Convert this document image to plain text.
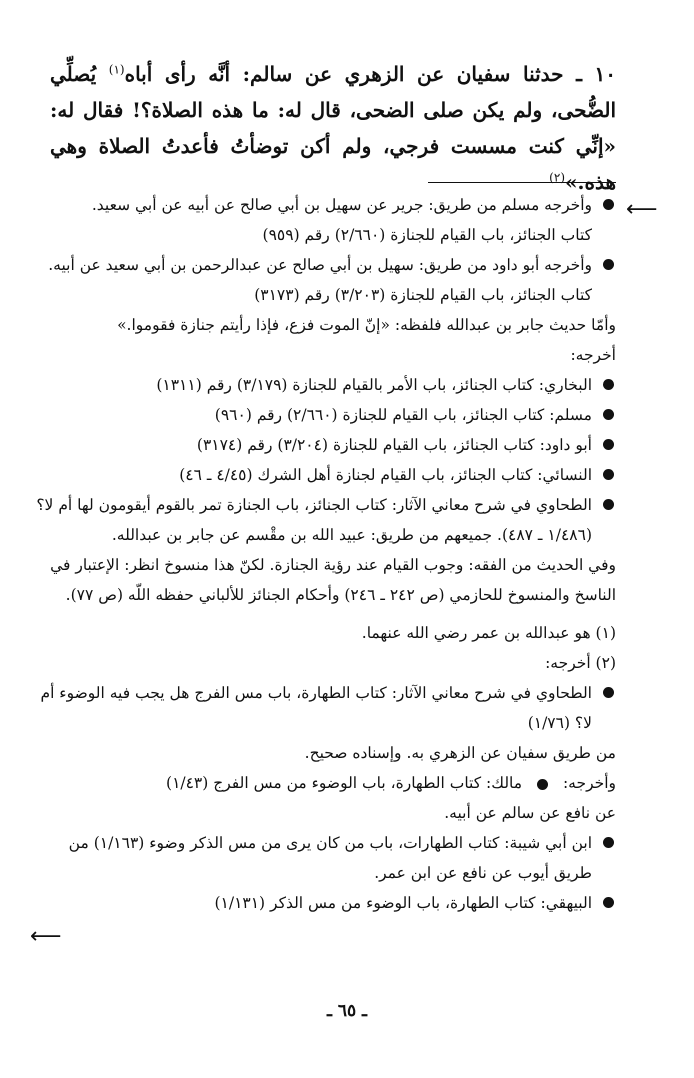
١٠ ـ حدثنا سفيان عن الزهري عن سالم: أنَّه رأى أباه$^{(١)}$ يُصلِّي الضُّحى، ولم يكن صلى الضحى، قال له: ما هذه الصلاة؟! فقال له: «إنِّي كنت مسست فرجي، ولم أكن توضأتُ فأعدتُ الصلاة وهي هذه.»$^{(٢)}$
⟵
⟵
وأخرجه مسلم من طريق: جرير عن سهيل بن أبي صالح عن أبيه عن أبي سعيد.
كتاب الجنائز، باب القيام للجنازة (٢/٦٦٠) رقم (٩٥٩)
وأخرجه أبو داود من طريق: سهيل بن أبي صالح عن عبدالرحمن بن أبي سعيد عن أبيه.
كتاب الجنائز، باب القيام للجنازة (٣/٢٠٣) رقم (٣١٧٣)
وأمّا حديث جابر بن عبدالله فلفظه: «إنّ الموت فزع، فإذا رأيتم جنازة فقوموا.»
أخرجه:
البخاري: كتاب الجنائز، باب الأمر بالقيام للجنازة (٣/١٧٩) رقم (١٣١١)
مسلم: كتاب الجنائز، باب القيام للجنازة (٢/٦٦٠) رقم (٩٦٠)
أبو داود: كتاب الجنائز، باب القيام للجنازة (٣/٢٠٤) رقم (٣١٧٤)
النسائي: كتاب الجنائز، باب القيام لجنازة أهل الشرك (٤/٤٥ ـ ٤٦)
الطحاوي في شرح معاني الآثار: كتاب الجنائز، باب الجنازة تمر بالقوم أيقومون لها أم لا؟
(١/٤٨٦ ـ ٤٨٧). جميعهم من طريق: عبيد الله بن مقْسم عن جابر بن عبدالله.
وفي الحديث من الفقه: وجوب القيام عند رؤية الجنازة. لكنّ هذا منسوخ انظر: الإعتبار في الناسخ والمنسوخ للحازمي (ص ٢٤٢ ـ ٢٤٦) وأحكام الجنائز للألباني حفظه اللّه (ص ٧٧).
(١) هو عبدالله بن عمر رضي الله عنهما.
(٢) أخرجه:
الطحاوي في شرح معاني الآثار: كتاب الطهارة، باب مس الفرج هل يجب فيه الوضوء أم
لا؟ (١/٧٦)
من طريق سفيان عن الزهري به. وإسناده صحيح.
وأخرجه:  مالك: كتاب الطهارة، باب الوضوء من مس الفرج (١/٤٣)
عن نافع عن سالم عن أبيه.
ابن أبي شيبة: كتاب الطهارات، باب من كان يرى من مس الذكر وضوء (١/١٦٣) من طريق أيوب عن نافع عن ابن عمر.
البيهقي: كتاب الطهارة، باب الوضوء من مس الذكر (١/١٣١)
ـ ٦٥ ـ
